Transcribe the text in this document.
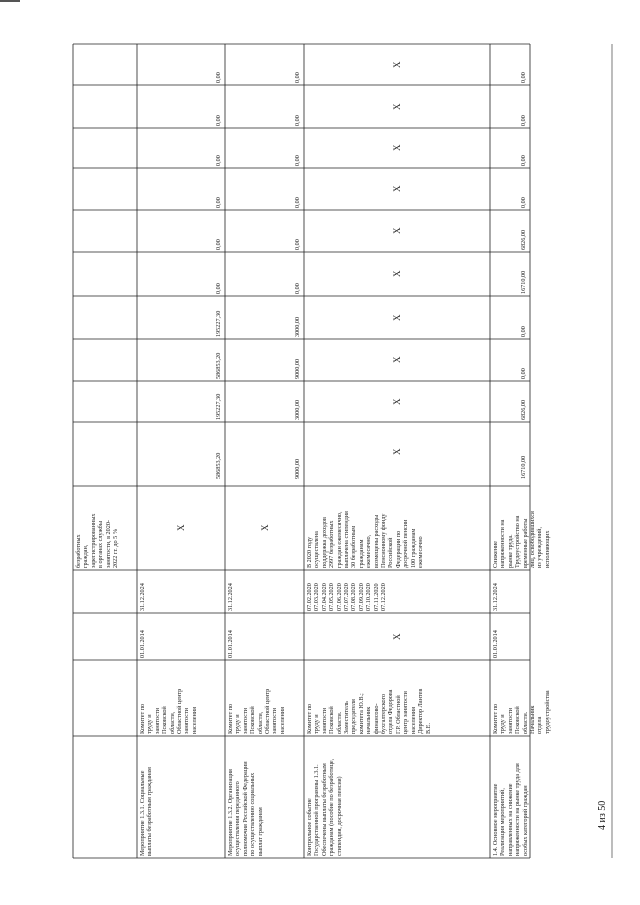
безработных
граждан,
зарегистрированных
в органах службы
занятости, в 2020-
2022 гг. до 5 %
Мероприятие 1.3.1. Социальные
выплаты безработным гражданам
Комитет по
труду и
занятости
Псковской
области,
Областной центр
занятости
населения
01.01.2014
31.12.2024
X
586853,20
195227,30
586853,20
195227,30
0,00
0,00
0,00
0,00
0,00
0,00
Мероприятие 1.3.2. Организация
осуществления переданного
полномочия Российской Федерации
по осуществлению социальных
выплат гражданам
Комитет по
труду и
занятости
Псковской
области,
Областной центр
занятости
населения
01.01.2014
31.12.2024
X
9000,00
3000,00
9000,00
3000,00
0,00
0,00
0,00
0,00
0,00
0,00
Контрольное событие
Государственной программы 1.3.1.
Обеспечены выплаты безработным
гражданам (пособие по безработице,
стипендия, досрочная пенсия)
Комитет по
труду и
занятости
Псковской
области.
Заместитель
председателя
комитета Ю.В.;
начальник
финансово-
бухгалтерского
отдела Федорова
Г.Р. Областной
центр занятости
населения
Директор Лантев
В.Е.
X
07.02.2020
07.03.2020
07.04.2020
07.05.2020
07.06.2020
07.07.2020
07.08.2020
07.09.2020
07.10.2020
07.11.2020
07.12.2020
В 2020 году
осуществлена
поддержка доходов
2997 безработных
граждан ежемесячно,
выплачена стипендия
30 безработным
гражданам
ежемесячно,
возмещены расходы
Пенсионному фонду
Российской
Федерации по
досрочной пенсии
100 гражданам
ежемесячно
X
X
X
X
X
X
X
X
X
X
1.4. Основное мероприятие
Реализация мероприятий,
направленных на снижение
напряженности на рынке труда для
особых категорий граждан
Комитет по
труду и
занятости
Псковской
области.
Начальник
отдела
трудоустройства
01.01.2014
31.12.2024
Снижение
напряженности на
рынке труда.
Трудоустройство на
временные работы
лиц, освободившихся
из учреждений,
исполняющих
16710,00
6826,00
0,00
0,00
16710,00
6826,00
0,00
0,00
0,00
0,00
4 из 50
